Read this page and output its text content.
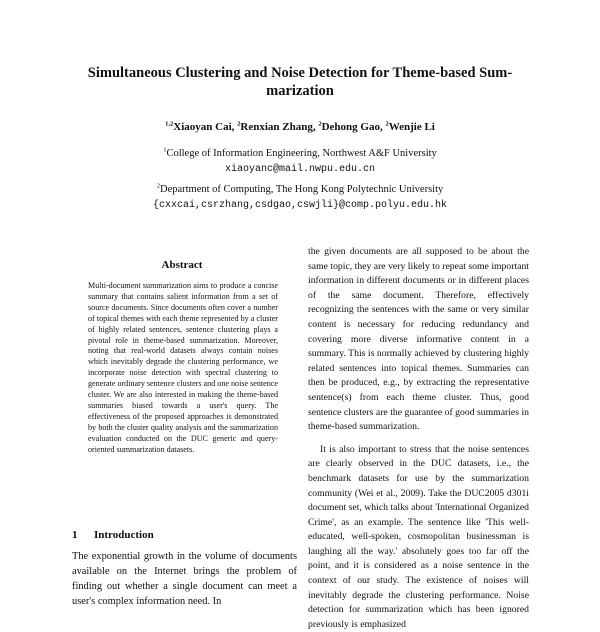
Simultaneous Clustering and Noise Detection for Theme-based Sum-
marization
$^{1,2}$Xiaoyan Cai, $^2$Renxian Zhang, $^2$Dehong Gao, $^2$Wenjie Li
$^1$College of Information Engineering, Northwest A&F University
xiaoyanc@mail.nwpu.edu.cn
$^2$Department of Computing, The Hong Kong Polytechnic University
{cxxcai,csrzhang,csdgao,cswjli}@comp.polyu.edu.hk
Abstract
Multi-document summarization aims to produce a concise summary that contains salient information from a set of source documents. Since documents often cover a number of topical themes with each theme represented by a cluster of highly related sentences, sentence clustering plays a pivotal role in theme-based summarization. Moreover, noting that real-world datasets always contain noises which inevitably degrade the clustering performance, we incorporate noise detection with spectral clustering to generate ordinary sentence clusters and one noise sentence cluster. We are also interested in making the theme-based summaries biased towards a user's query. The effectiveness of the proposed approaches is demonstrated by both the cluster quality analysis and the summarization evaluation conducted on the DUC generic and query-oriented summarization datasets.
1 Introduction
The exponential growth in the volume of documents available on the Internet brings the problem of finding out whether a single document can meet a user's complex information need. In

the given documents are all supposed to be about the same topic, they are very likely to repeat some important information in different documents or in different places of the same document. Therefore, effectively recognizing the sentences with the same or very similar content is necessary for reducing redundancy and covering more diverse informative content in a summary. This is normally achieved by clustering highly related sentences into topical themes. Summaries can then be produced, e.g., by extracting the representative sentence(s) from each theme cluster. Thus, good sentence clusters are the guarantee of good summaries in theme-based summarization.

It is also important to stress that the noise sentences are clearly observed in the DUC datasets, i.e., the benchmark datasets for use by the summarization community (Wei et al., 2009). Take the DUC2005 d301i document set, which talks about 'International Organized Crime', as an example. The sentence like 'This well-educated, well-spoken, cosmopolitan businessman is laughing all the way.' absolutely goes too far off the point, and it is considered as a noise sentence in the context of our study. The existence of noises will inevitably degrade the clustering performance. Noise detection for summarization which has been ignored previously is emphasized
